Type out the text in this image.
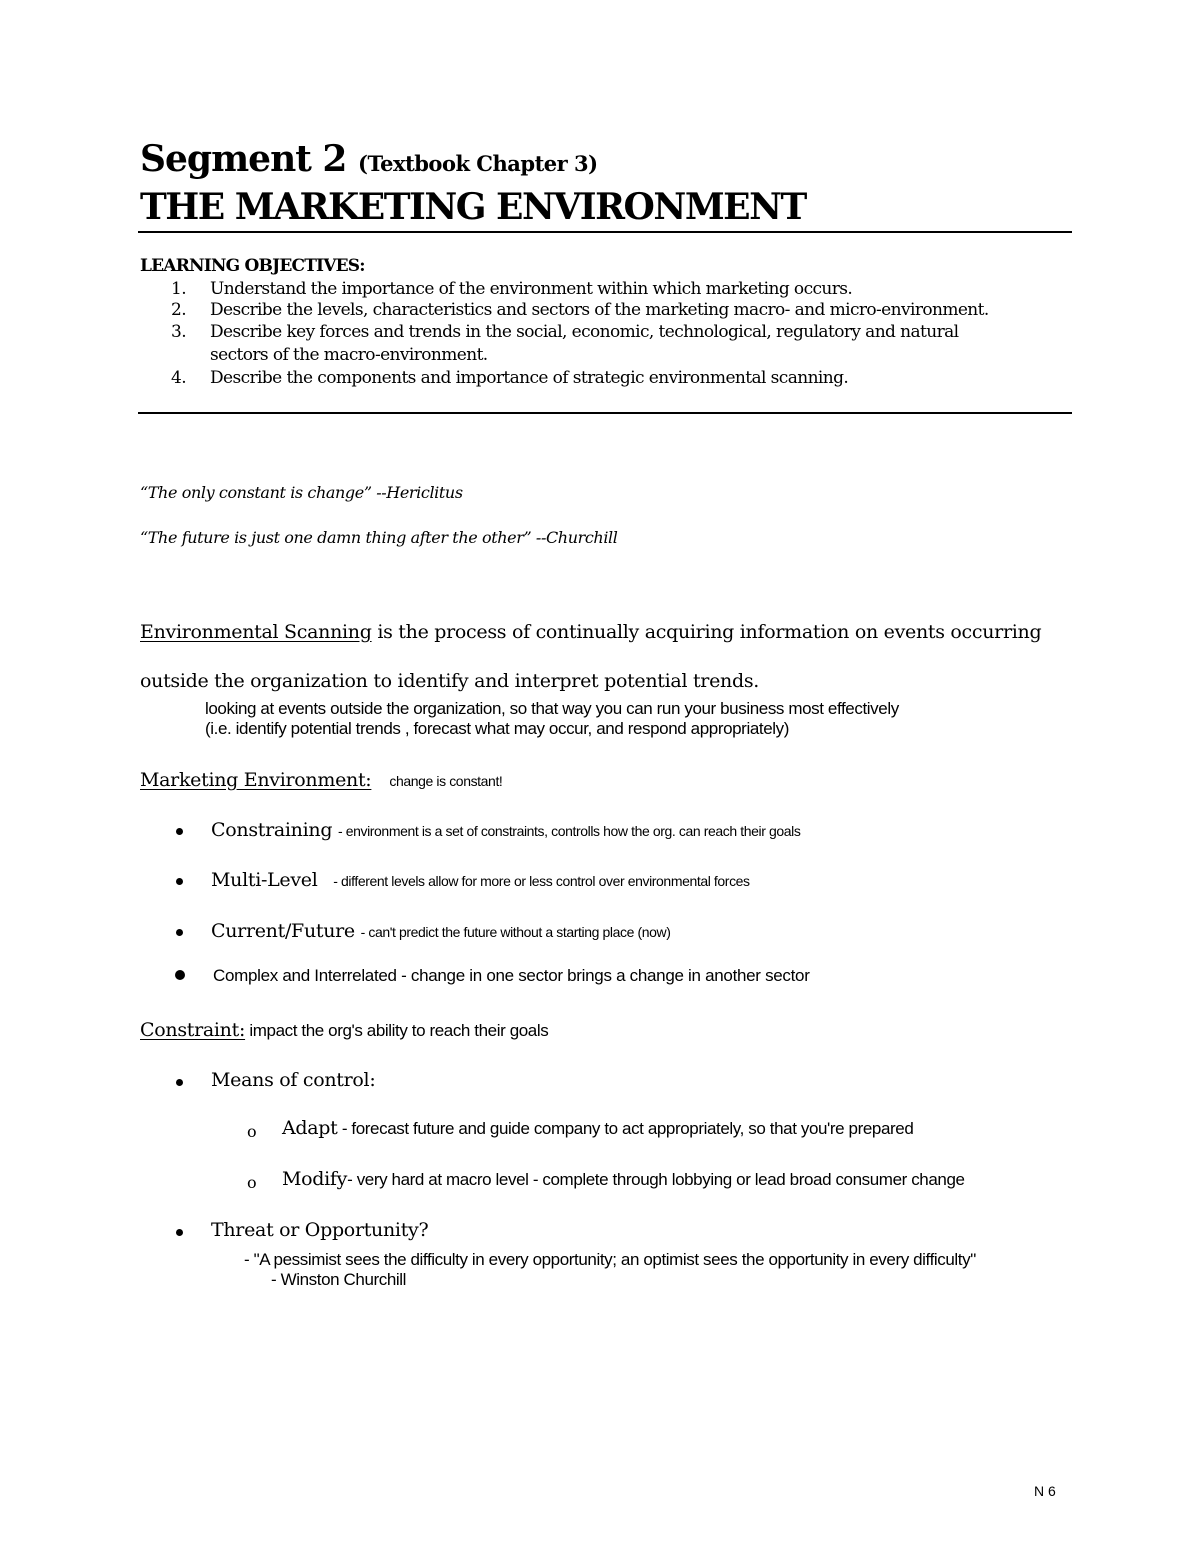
Segment 2 (Textbook Chapter 3)
THE MARKETING ENVIRONMENT
LEARNING OBJECTIVES:
1. Understand the importance of the environment within which marketing occurs.
2. Describe the levels, characteristics and sectors of the marketing macro- and micro-environment.
3. Describe key forces and trends in the social, economic, technological, regulatory and natural
sectors of the macro-environment.
4. Describe the components and importance of strategic environmental scanning.
“The only constant is change” --Hericlitus
“The future is just one damn thing after the other” --Churchill
Environmental Scanning is the process of continually acquiring information on events occurring
outside the organization to identify and interpret potential trends.
looking at events outside the organization, so that way you can run your business most effectively
(i.e. identify potential trends , forecast what may occur, and respond appropriately)
Marketing Environment: change is constant!
Constraining - environment is a set of constraints, controlls how the org. can reach their goals
Multi-Level - different levels allow for more or less control over environmental forces
Current/Future - can't predict the future without a starting place (now)
Complex and Interrelated - change in one sector brings a change in another sector
Constraint: impact the org's ability to reach their goals
Means of control:
o Adapt - forecast future and guide company to act appropriately, so that you're prepared
o Modify- very hard at macro level - complete through lobbying or lead broad consumer change
Threat or Opportunity?
- "A pessimist sees the difficulty in every opportunity; an optimist sees the opportunity in every difficulty"
- Winston Churchill
N 6
